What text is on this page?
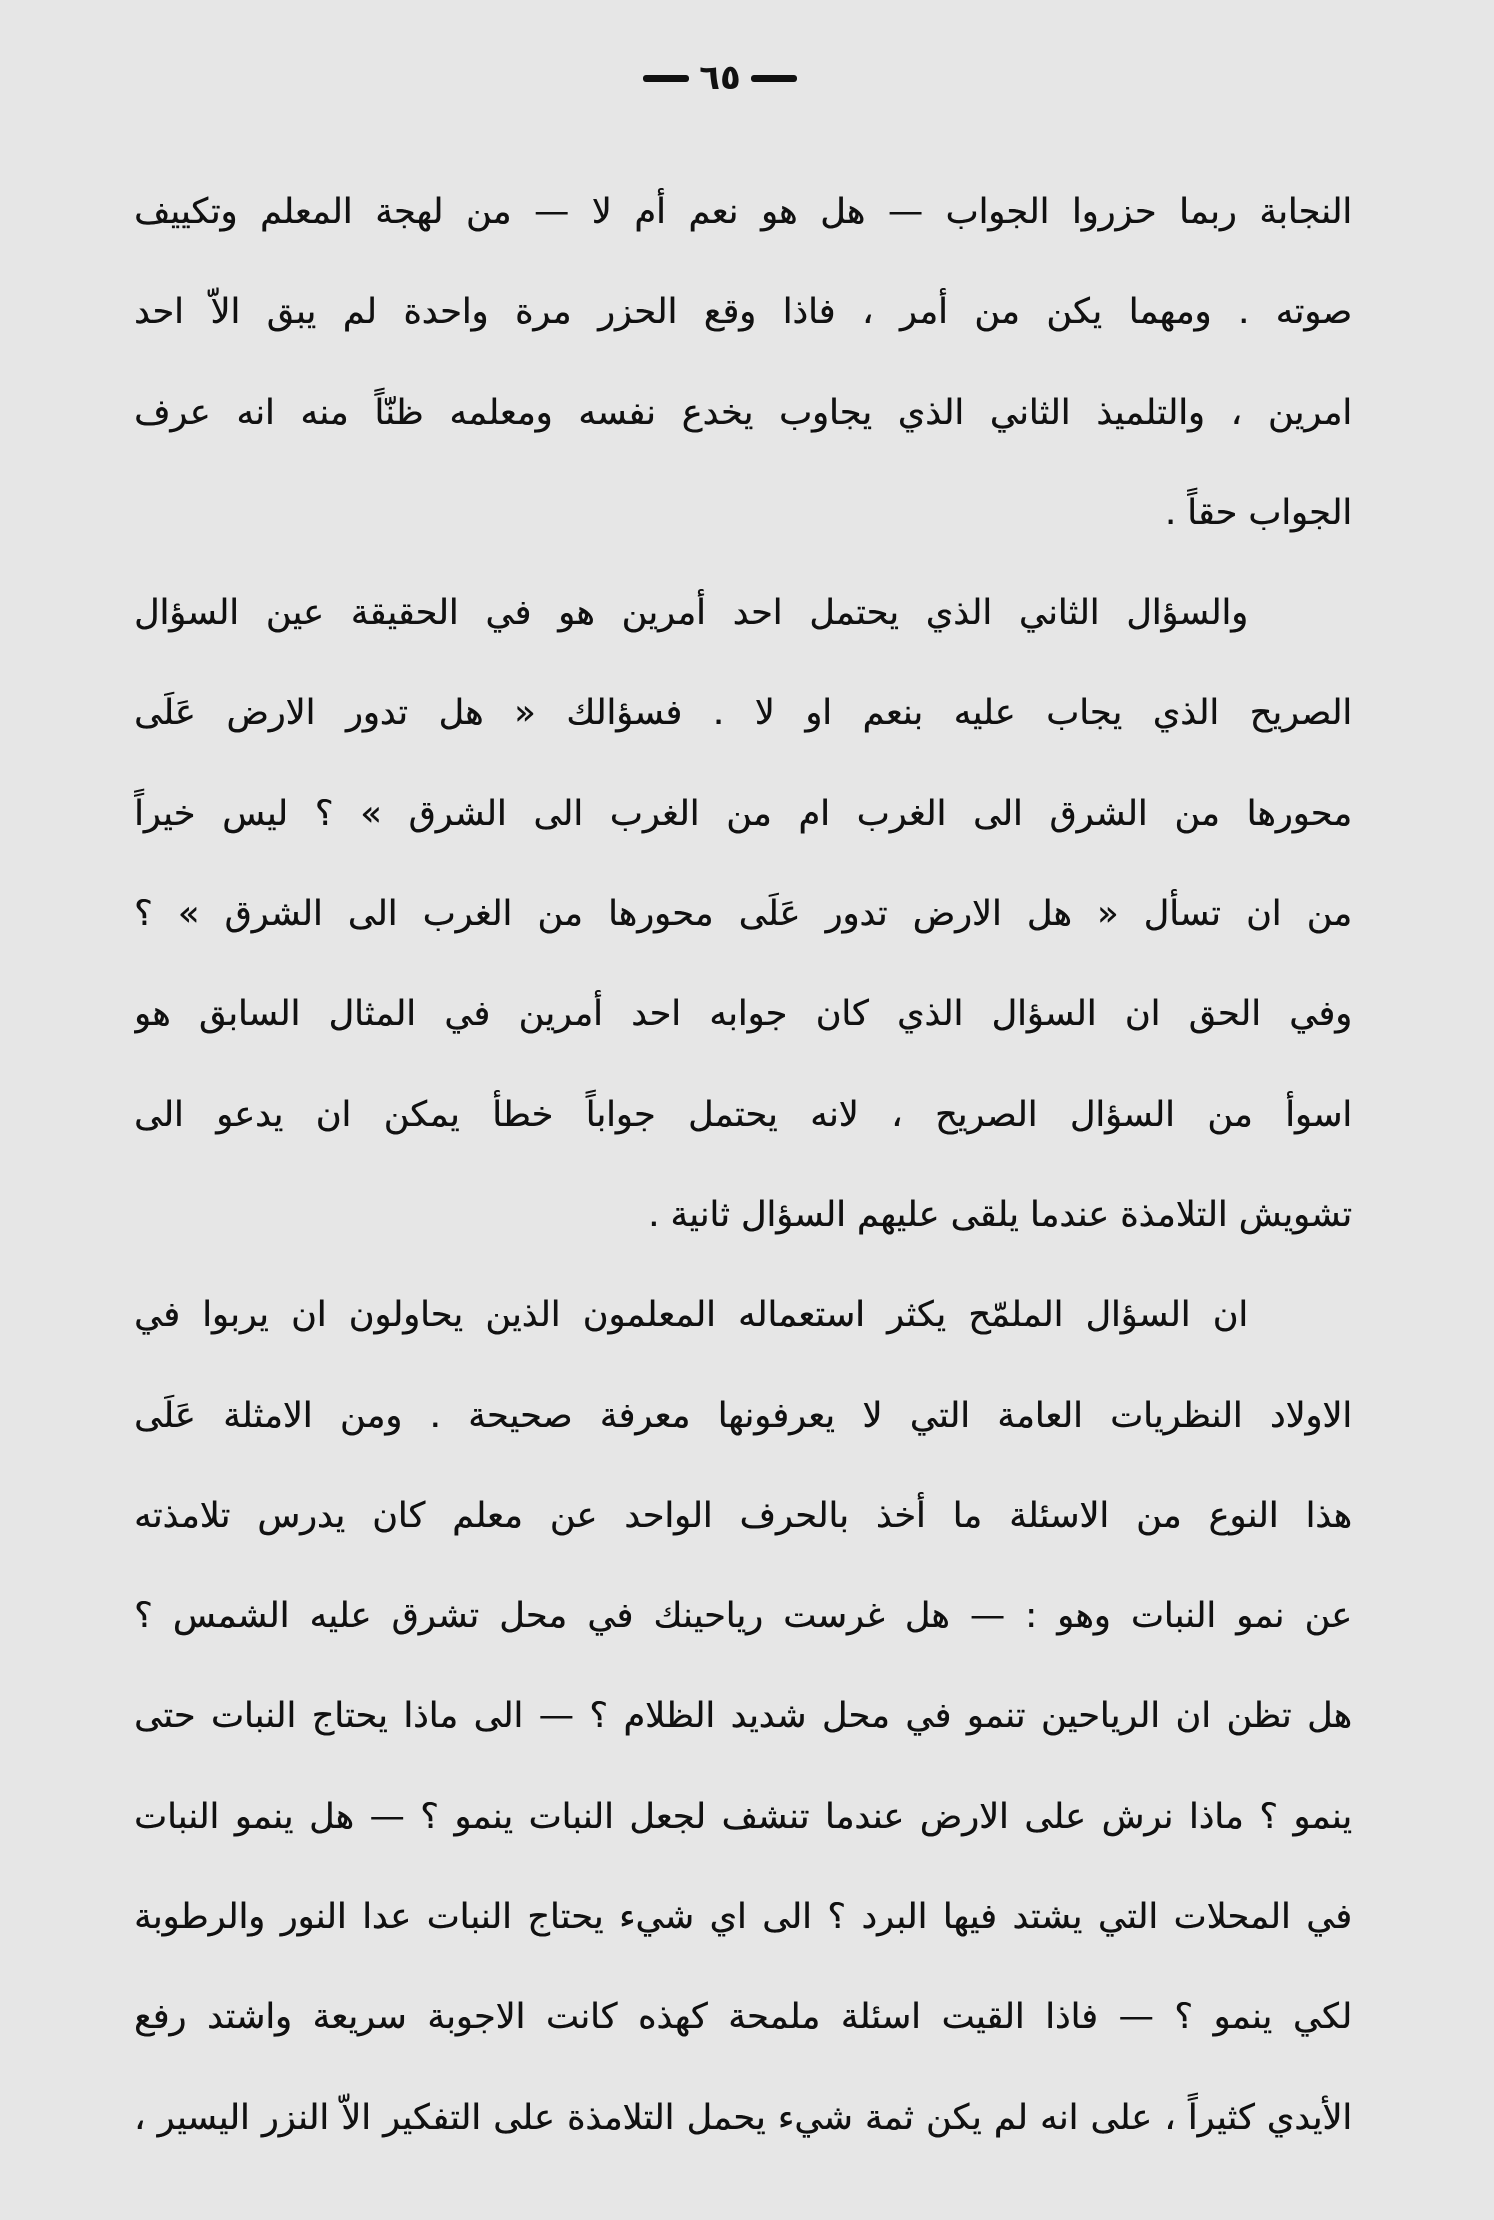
٦٥
النجابة ربما حزروا الجواب — هل هو نعم أم لا — من لهجة المعلم وتكييف
صوته . ومهما يكن من أمر ، فاذا وقع الحزر مرة واحدة لم يبق الاّ احد
امرين ، والتلميذ الثاني الذي يجاوب يخدع نفسه ومعلمه ظنّاً منه انه عرف
الجواب حقاً .
والسؤال الثاني الذي يحتمل احد أمرين هو في الحقيقة عين السؤال
الصريح الذي يجاب عليه بنعم او لا . فسؤالك « هل تدور الارض عَلَى
محورها من الشرق الى الغرب ام من الغرب الى الشرق » ؟ ليس خيراً
من ان تسأل « هل الارض تدور عَلَى محورها من الغرب الى الشرق » ؟
وفي الحق ان السؤال الذي كان جوابه احد أمرين في المثال السابق هو
اسوأ من السؤال الصريح ، لانه يحتمل جواباً خطأ يمكن ان يدعو الى
تشويش التلامذة عندما يلقى عليهم السؤال ثانية .
ان السؤال الملمّح يكثر استعماله المعلمون الذين يحاولون ان يربوا في
الاولاد النظريات العامة التي لا يعرفونها معرفة صحيحة . ومن الامثلة عَلَى
هذا النوع من الاسئلة ما أخذ بالحرف الواحد عن معلم كان يدرس تلامذته
عن نمو النبات وهو : — هل غرست رياحينك في محل تشرق عليه الشمس ؟
هل تظن ان الرياحين تنمو في محل شديد الظلام ؟ — الى ماذا يحتاج النبات حتى
ينمو ؟ ماذا نرش على الارض عندما تنشف لجعل النبات ينمو ؟ — هل ينمو النبات
في المحلات التي يشتد فيها البرد ؟ الى اي شيء يحتاج النبات عدا النور والرطوبة
لكي ينمو ؟ — فاذا القيت اسئلة ملمحة كهذه كانت الاجوبة سريعة واشتد رفع
الأيدي كثيراً ، على انه لم يكن ثمة شيء يحمل التلامذة على التفكير الاّ النزر اليسير ،
